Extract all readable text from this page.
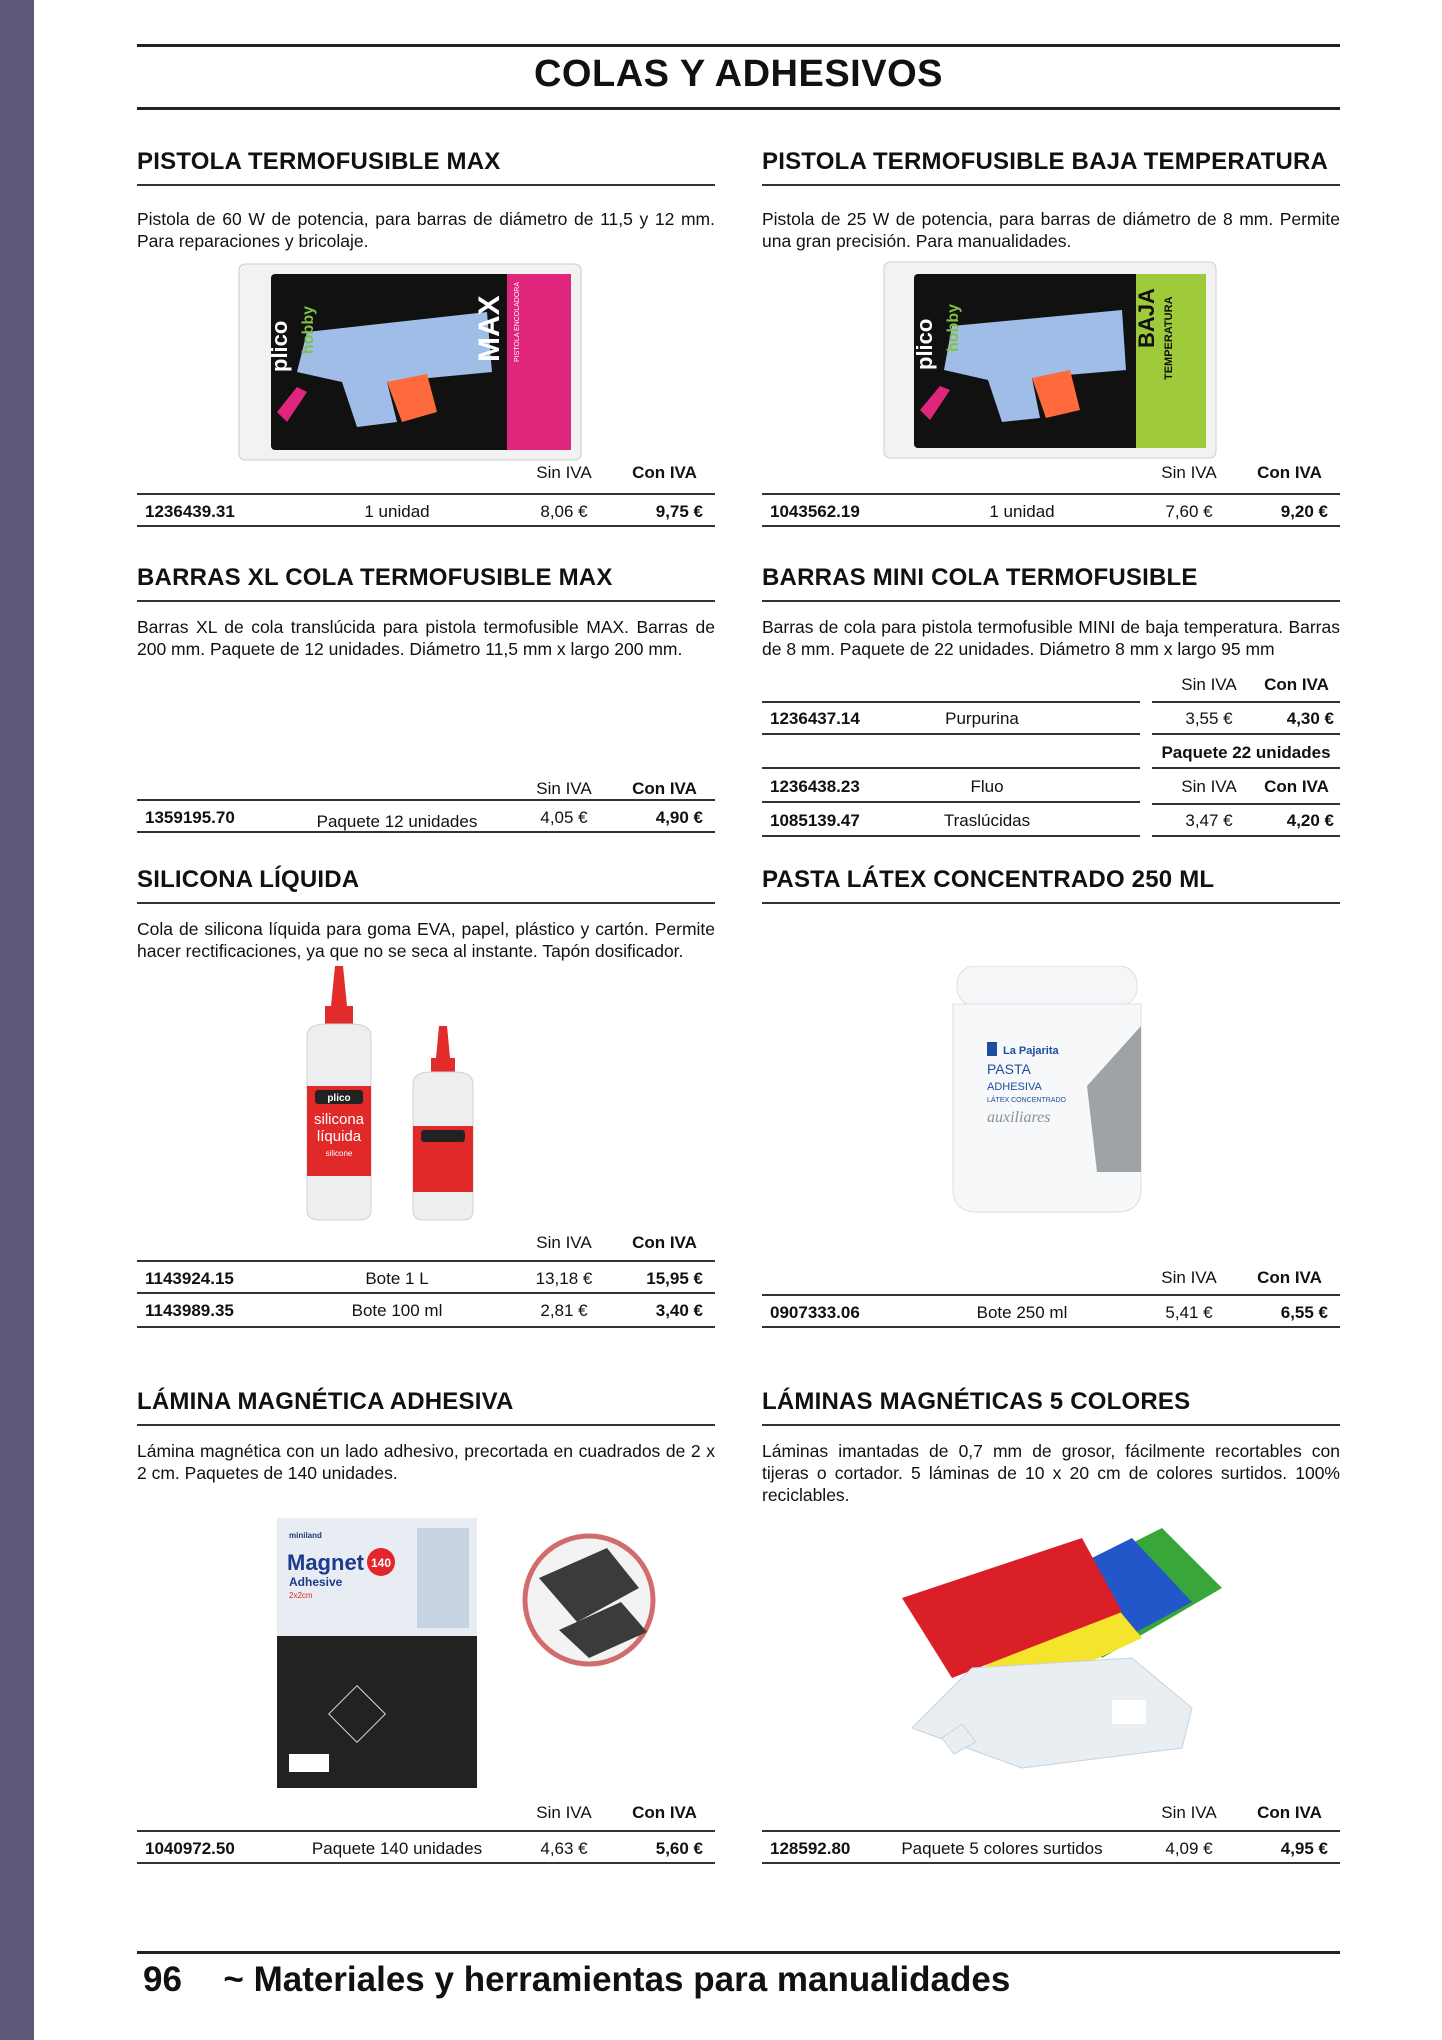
COLAS Y ADHESIVOS
PISTOLA TERMOFUSIBLE MAX
Pistola de 60 W de potencia, para barras de diámetro de 11,5 y 12 mm. Para reparaciones y bricolaje.
plico hobby	MAX PISTOLA ENCOLADORA
Sin IVA	Con IVA
1236439.31	1 unidad	8,06 €	9,75 €
PISTOLA TERMOFUSIBLE BAJA TEMPERATURA
Pistola de 25 W de potencia, para barras de diámetro de 8 mm. Permite una gran precisión. Para manualidades.
plico hobby	BAJA TEMPERATURA
Sin IVA	Con IVA
1043562.19	1 unidad	7,60 €	9,20 €
BARRAS XL COLA TERMOFUSIBLE MAX
Barras XL de cola translúcida para pistola termofusible MAX. Barras de 200 mm. Paquete de 12 unidades. Diámetro 11,5 mm x largo 200 mm.
Sin IVA	Con IVA
1359195.70	Paquete 12 unidades	4,05 €	4,90 €
BARRAS MINI COLA TERMOFUSIBLE
Barras de cola para pistola termofusible MINI de baja temperatura. Barras de 8 mm. Paquete de 22 unidades. Diámetro 8 mm x largo 95 mm
Sin IVA	Con IVA
1236437.14	Purpurina	3,55 €	4,30 €
Paquete 22 unidades
1236438.23	Fluo	Sin IVA	Con IVA
1085139.47	Traslúcidas	3,47 €	4,20 €
SILICONA LÍQUIDA
Cola de silicona líquida para goma EVA, papel, plástico y cartón. Permite hacer rectificaciones, ya que no se seca al instante. Tapón dosificador.
plico
silicona
líquida
silicone
Sin IVA	Con IVA
1143924.15	Bote 1 L	13,18 €	15,95 €
1143989.35	Bote 100 ml	2,81 €	3,40 €
PASTA LÁTEX CONCENTRADO 250 ML
La Pajarita
PASTA
ADHESIVA
LÁTEX CONCENTRADO
auxiliares
Sin IVA	Con IVA
0907333.06	Bote 250 ml	5,41 €	6,55 €
LÁMINA MAGNÉTICA ADHESIVA
Lámina magnética con un lado adhesivo, precortada en cuadrados de 2 x 2 cm. Paquetes de 140 unidades.
miniland
Magnet 140
Adhesive
2x2cm
Sin IVA	Con IVA
1040972.50	Paquete 140 unidades	4,63 €	5,60 €
LÁMINAS MAGNÉTICAS 5 COLORES
Láminas imantadas de 0,7 mm de grosor, fácilmente recortables con tijeras o cortador. 5 láminas de 10 x 20 cm de colores surtidos. 100% reciclables.
Sin IVA	Con IVA
128592.80	Paquete 5 colores surtidos	4,09 €	4,95 €
96 ~ Materiales y herramientas para manualidades
